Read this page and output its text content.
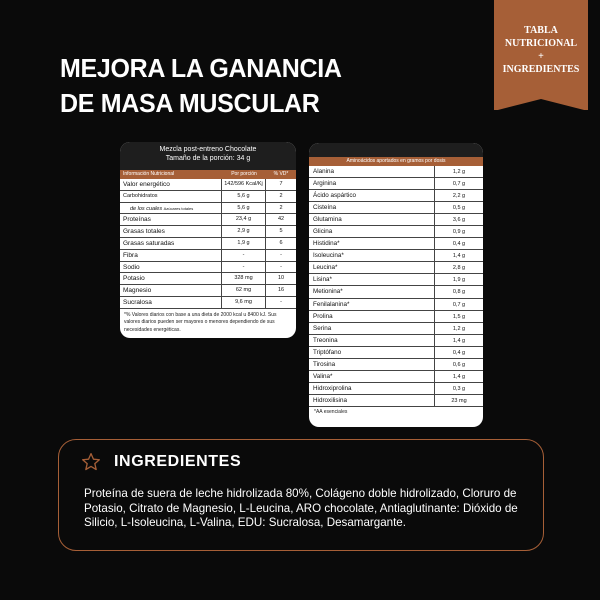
TABLA
NUTRICIONAL
+
INGREDIENTES
MEJORA LA GANANCIA
DE MASA MUSCULAR
Mezcla post-entreno Chocolate
Tamaño de la porción: 34 g
Información Nutricional	Por porción	% VD*
Valor energético	142/596 Kcal/Kj	7
Carbohidratos	5,6 g	2
de los cuales Azúcares totales	5,6 g	2
Proteínas	23,4 g	42
Grasas totales	2,9 g	5
Grasas saturadas	1,9 g	6
Fibra	-	-
Sodio	-	-
Potasio	328 mg	10
Magnesio	62 mg	16
Sucralosa	9,6 mg	-
*% Valores diarios con base a una dieta de 2000 kcal u 8400 kJ. Sus valores diarios pueden ser mayores o menores dependiendo de sus necesidades energéticas.
Aminoácidos aportados en gramos por dosis
Alanina	1,2 g
Arginina	0,7 g
Ácido aspártico	2,2 g
Cisteína	0,5 g
Glutamina	3,6 g
Glicina	0,9 g
Histidina*	0,4 g
Isoleucina*	1,4 g
Leucina*	2,8 g
Lisina*	1,9 g
Metionina*	0,8 g
Fenilalanina*	0,7 g
Prolina	1,5 g
Serina	1,2 g
Treonina	1,4 g
Triptófano	0,4 g
Tirosina	0,6 g
Valina*	1,4 g
Hidroxiprolina	0,3 g
Hidroxilisina	23 mg
*AA esenciales
INGREDIENTES
Proteína de suera de leche hidrolizada 80%, Colágeno doble hidrolizado, Cloruro de Potasio, Citrato de Magnesio, L-Leucina, ARO chocolate, Antiaglutinante: Dióxido de Silicio, L-Isoleucina, L-Valina, EDU: Sucralosa, Desamargante.
